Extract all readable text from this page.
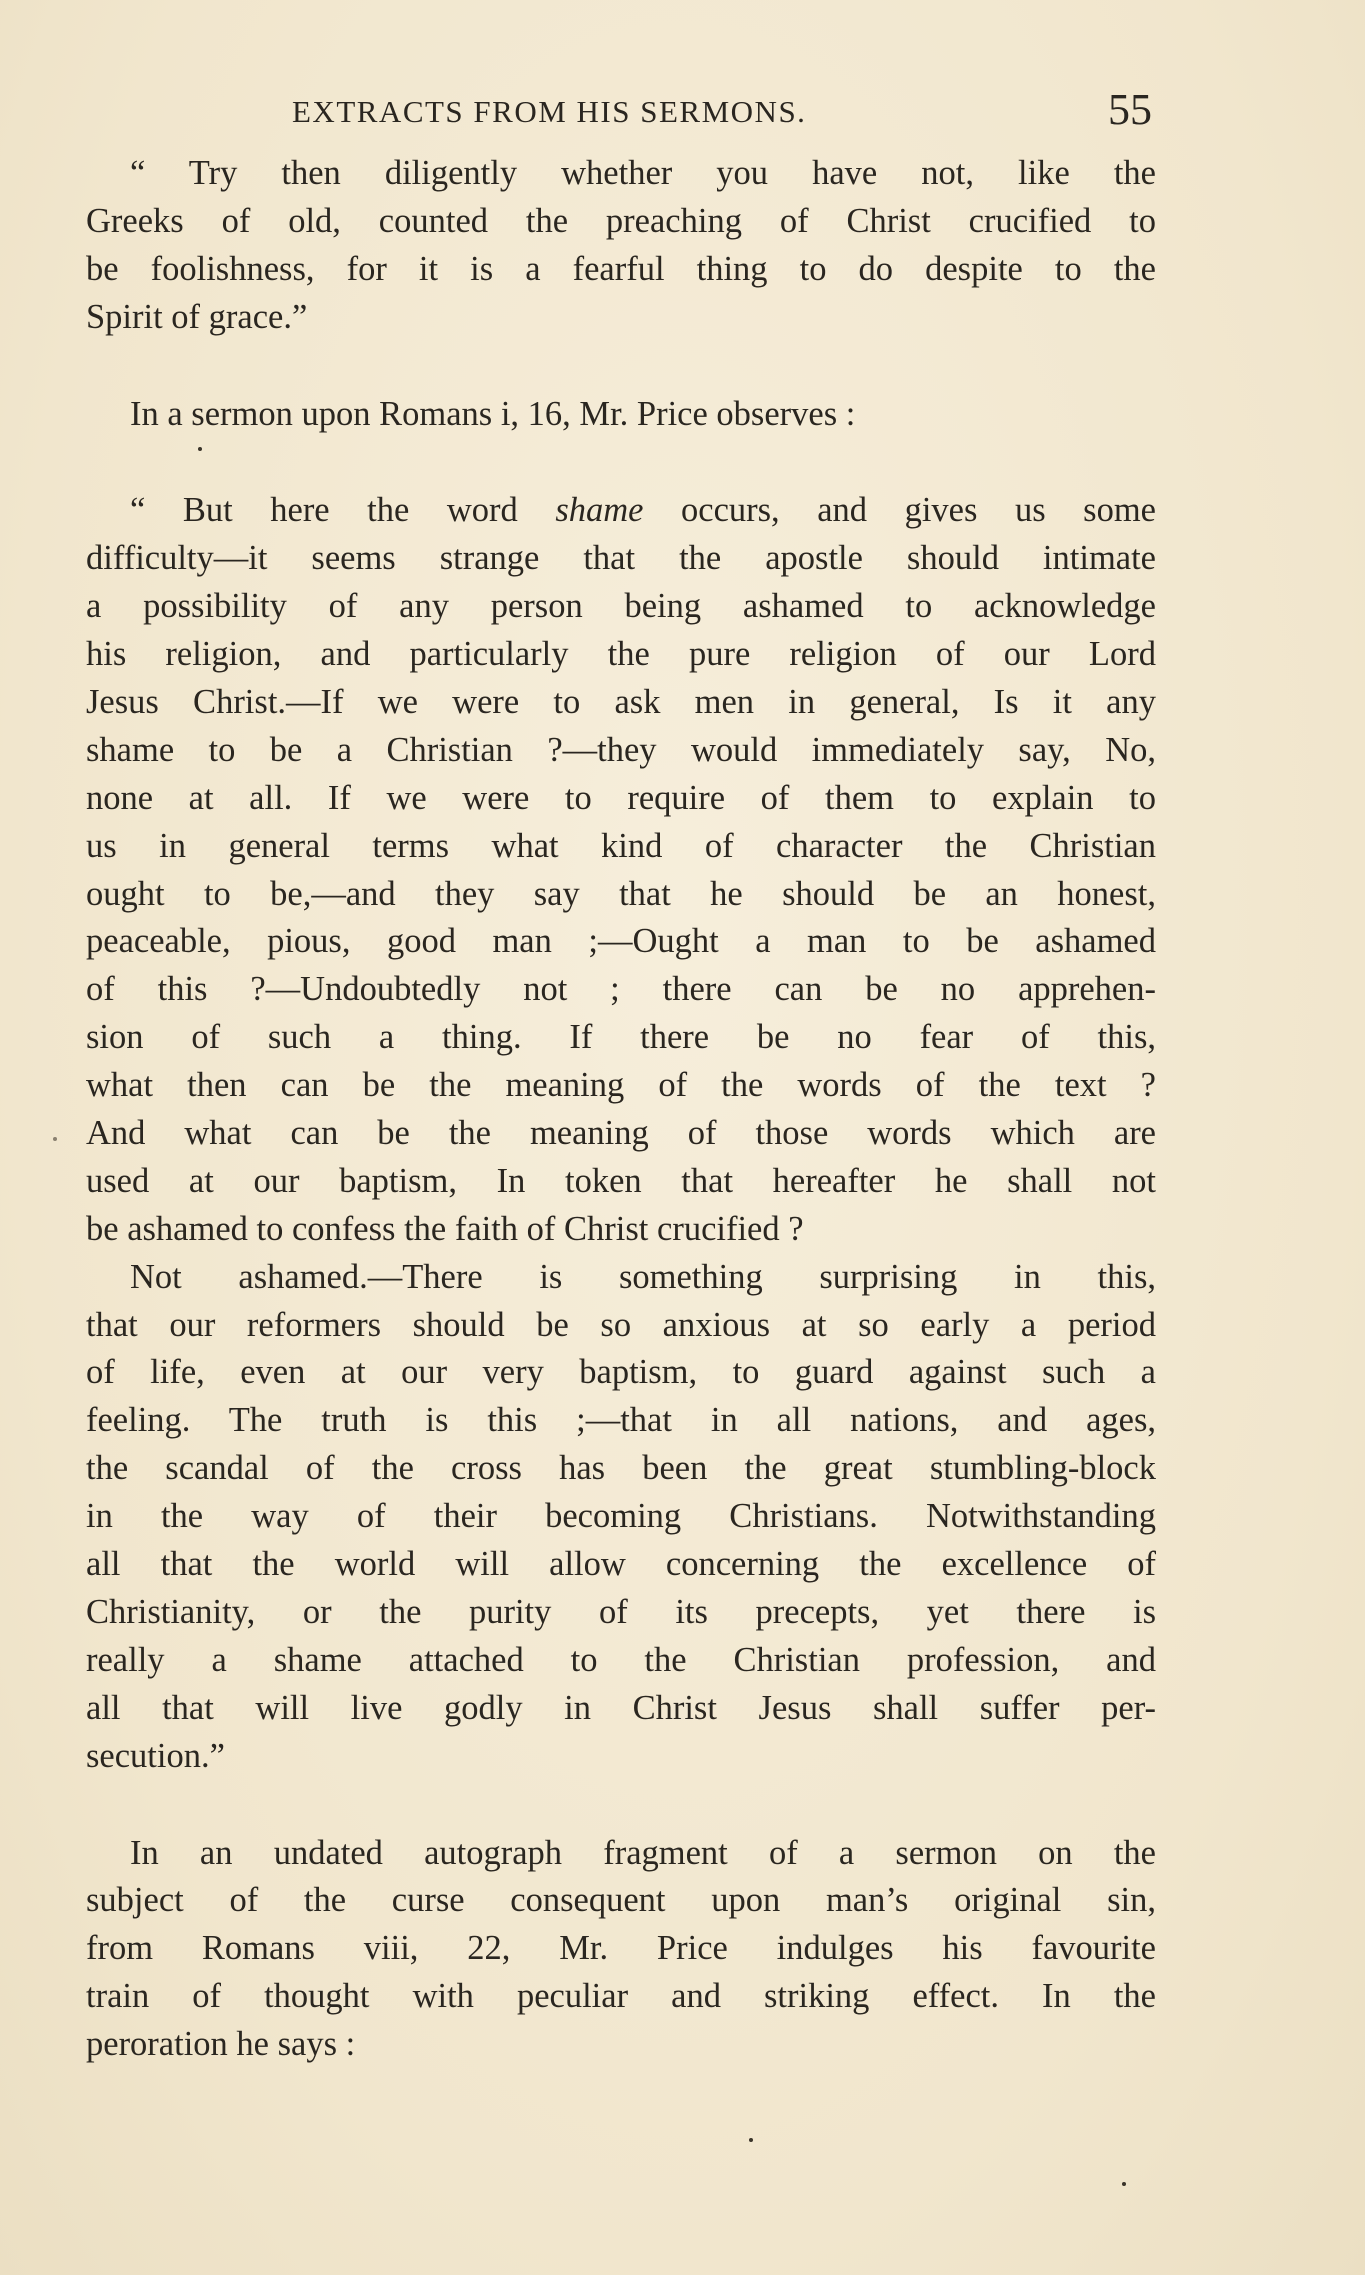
EXTRACTS FROM HIS SERMONS.	55
“ Try then diligently whether you have not, like the
Greeks of old, counted the preaching of Christ crucified to
be foolishness, for it is a fearful thing to do despite to the
Spirit of grace.”
In a sermon upon Romans i, 16, Mr. Price observes :
“ But here the word shame occurs, and gives us some
difficulty—it seems strange that the apostle should intimate
a possibility of any person being ashamed to acknowledge
his religion, and particularly the pure religion of our Lord
Jesus Christ.—If we were to ask men in general, Is it any
shame to be a Christian ?—they would immediately say, No,
none at all. If we were to require of them to explain to
us in general terms what kind of character the Christian
ought to be,—and they say that he should be an honest,
peaceable, pious, good man ;—Ought a man to be ashamed
of this ?—Undoubtedly not ; there can be no apprehen-
sion of such a thing. If there be no fear of this,
what then can be the meaning of the words of the text ?
And what can be the meaning of those words which are
used at our baptism, In token that hereafter he shall not
be ashamed to confess the faith of Christ crucified ?
Not ashamed.—There is something surprising in this,
that our reformers should be so anxious at so early a period
of life, even at our very baptism, to guard against such a
feeling. The truth is this ;—that in all nations, and ages,
the scandal of the cross has been the great stumbling-block
in the way of their becoming Christians. Notwithstanding
all that the world will allow concerning the excellence of
Christianity, or the purity of its precepts, yet there is
really a shame attached to the Christian profession, and
all that will live godly in Christ Jesus shall suffer per-
secution.”
In an undated autograph fragment of a sermon on the
subject of the curse consequent upon man’s original sin,
from Romans viii, 22, Mr. Price indulges his favourite
train of thought with peculiar and striking effect. In the
peroration he says :
